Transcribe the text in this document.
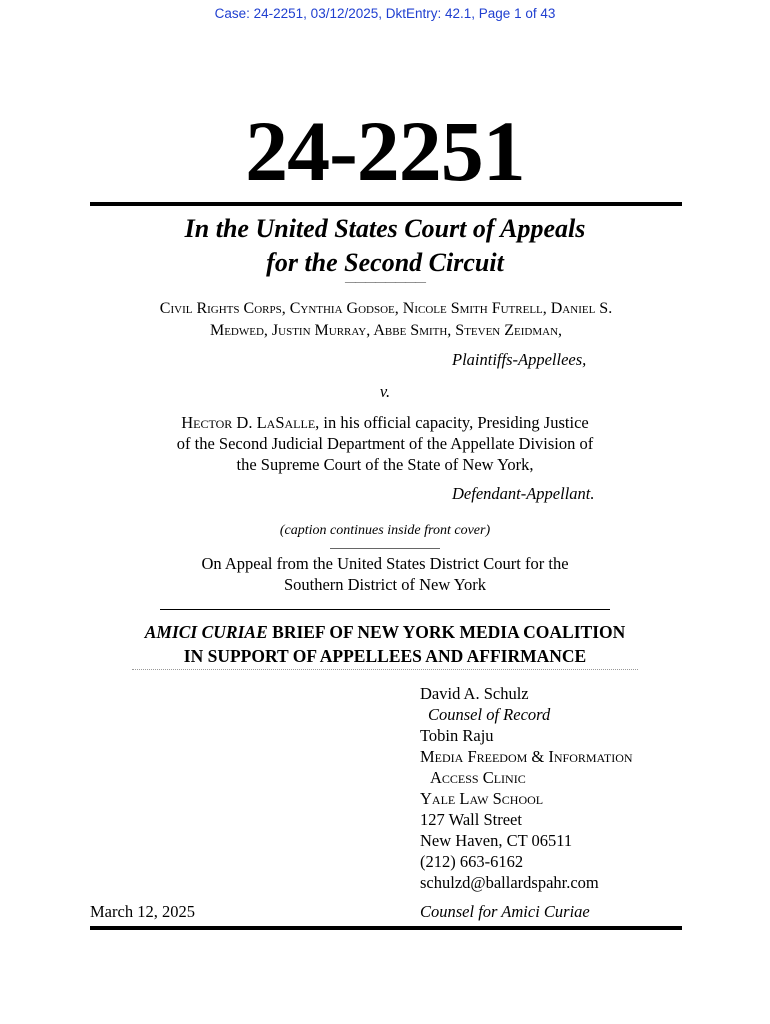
Case: 24-2251, 03/12/2025, DktEntry: 42.1, Page 1 of 43
24-2251
In the United States Court of Appeals
for the Second Circuit
————————
Civil Rights Corps, Cynthia Godsoe, Nicole Smith Futrell, Daniel S.
Medwed, Justin Murray, Abbe Smith, Steven Zeidman,
Plaintiffs-Appellees,
v.
Hector D. LaSalle, in his official capacity, Presiding Justice
of the Second Judicial Department of the Appellate Division of
the Supreme Court of the State of New York,
Defendant-Appellant.
(caption continues inside front cover)
On Appeal from the United States District Court for the
Southern District of New York
AMICI CURIAE BRIEF OF NEW YORK MEDIA COALITION
IN SUPPORT OF APPELLEES AND AFFIRMANCE
David A. Schulz
Counsel of Record
Tobin Raju
Media Freedom & Information
Access Clinic
Yale Law School
127 Wall Street
New Haven, CT 06511
(212) 663-6162
schulzd@ballardspahr.com
March 12, 2025	Counsel for Amici Curiae
